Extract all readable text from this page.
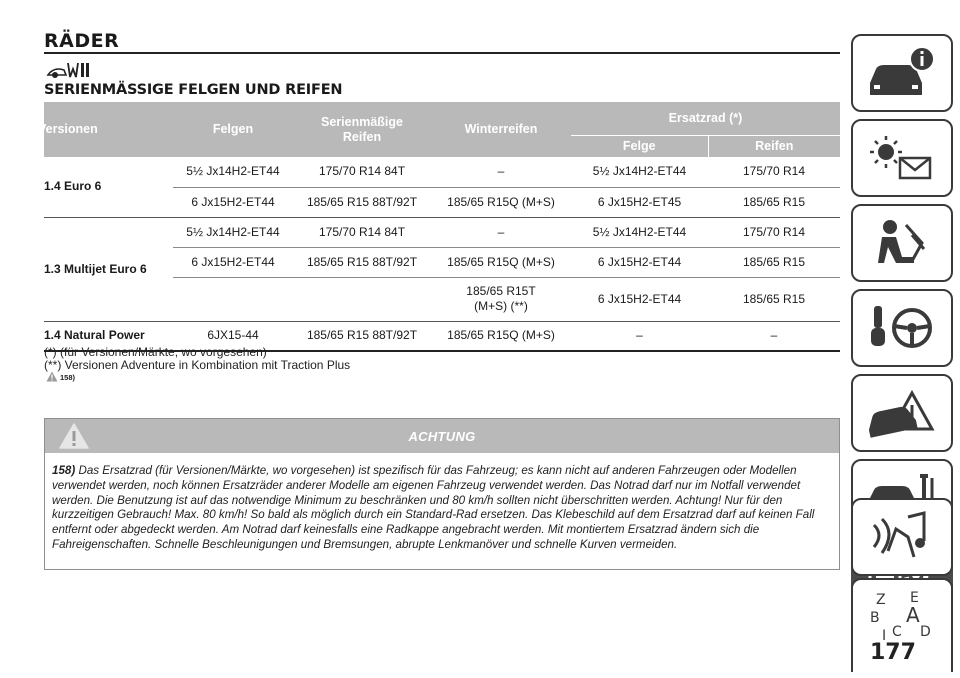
RÄDER
SERIENMÄSSIGE FELGEN UND REIFEN
Versionen	Felgen	Serienmäßige Reifen	Winterreifen	Ersatzrad (*)	
				Felge	Reifen
1.4 Euro 6	5½ Jx14H2-ET44	175/70 R14 84T	–	5½ Jx14H2-ET44	175/70 R14
	6 Jx15H2-ET44	185/65 R15 88T/92T	185/65 R15Q (M+S)	6 Jx15H2-ET45	185/65 R15
1.3 Multijet Euro 6	5½ Jx14H2-ET44	175/70 R14 84T	–	5½ Jx14H2-ET44	175/70 R14
	6 Jx15H2-ET44	185/65 R15 88T/92T	185/65 R15Q (M+S)	6 Jx15H2-ET44	185/65 R15
			185/65 R15T (M+S) (**)	6 Jx15H2-ET44	185/65 R15
1.4 Natural Power	6JX15-44	185/65 R15 88T/92T	185/65 R15Q (M+S)	–	–
(*) (für Versionen/Märkte, wo vorgesehen)
(**) Versionen Adventure in Kombination mit Traction Plus
158)
ACHTUNG
158) Das Ersatzrad (für Versionen/Märkte, wo vorgesehen) ist spezifisch für das Fahrzeug; es kann nicht auf anderen Fahrzeugen oder Modellen verwendet werden, noch können Ersatzräder anderer Modelle am eigenen Fahrzeug verwendet werden. Das Notrad darf nur im Notfall verwendet werden. Die Benutzung ist auf das notwendige Minimum zu beschränken und 80 km/h sollten nicht überschritten werden. Achtung! Nur für den kurzzeitigen Gebrauch! Max. 80 km/h! So bald als möglich durch ein Standard-Rad ersetzen. Das Klebeschild auf dem Ersatzrad darf auf keinen Fall entfernt oder abgedeckt werden. Am Notrad darf keinesfalls eine Radkappe angebracht werden. Mit montiertem Ersatzrad ändern sich die Fahreigenschaften. Schnelle Beschleunigungen und Bremsungen, abrupte Lenkmanöver und schnelle Kurven vermeiden.
Z E
B A
I C D
177
